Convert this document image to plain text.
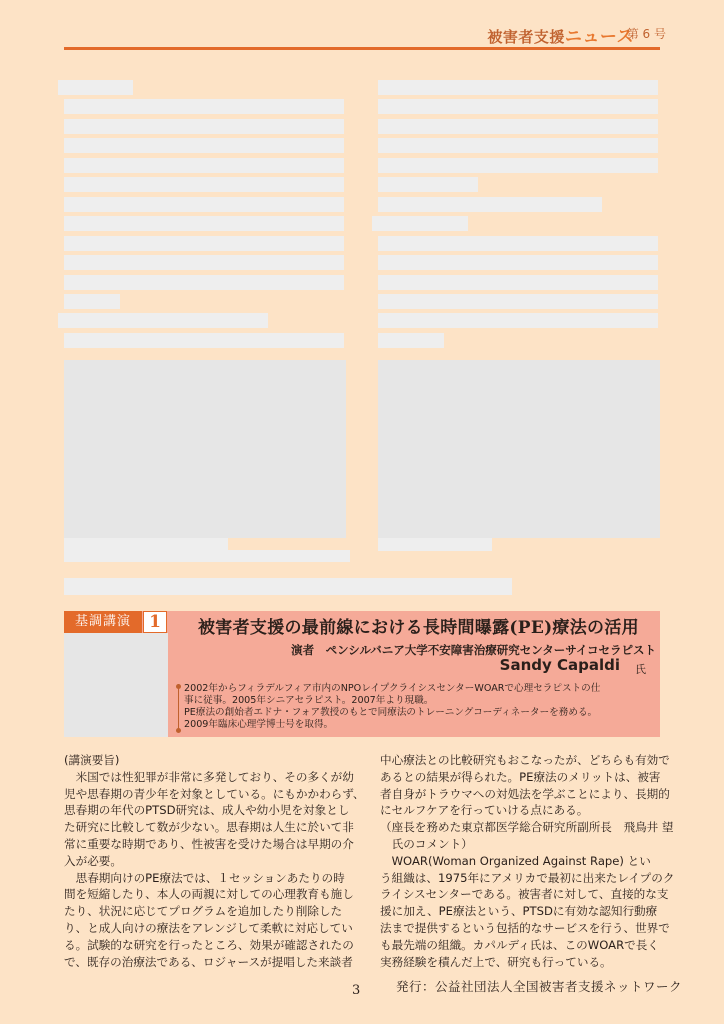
被害者支援ニュース
第 6 号
基調講演	1	被害者支援の最前線における長時間曝露(PE)療法の活用
演者　ペンシルバニア大学不安障害治療研究センターサイコセラピスト
Sandy Capaldi 氏
2002年からフィラデルフィア市内のNPOレイプクライシスセンターWOARで心理セラピストの仕
事に従事。2005年シニアセラピスト。2007年より現職。
PE療法の創始者エドナ・フォア教授のもとで同療法のトレーニングコーディネーターを務める。
2009年臨床心理学博士号を取得。
(講演要旨)
　米国では性犯罪が非常に多発しており、その多くが幼
児や思春期の青少年を対象としている。にもかかわらず、
思春期の年代のPTSD研究は、成人や幼小児を対象とし
た研究に比較して数が少ない。思春期は人生に於いて非
常に重要な時期であり、性被害を受けた場合は早期の介
入が必要。
　思春期向けのPE療法では、１セッションあたりの時
間を短縮したり、本人の両親に対しての心理教育も施し
たり、状況に応じてプログラムを追加したり削除した
り、と成人向けの療法をアレンジして柔軟に対応してい
る。試験的な研究を行ったところ、効果が確認されたの
で、既存の治療法である、ロジャースが提唱した来談者
中心療法との比較研究もおこなったが、どちらも有効で
あるとの結果が得られた。PE療法のメリットは、被害
者自身がトラウマへの対処法を学ぶことにより、長期的
にセルフケアを行っていける点にある。
（座長を務めた東京都医学総合研究所副所長　飛鳥井 望
　氏のコメント）
　WOAR(Woman Organized Against Rape) とい
う組織は、1975年にアメリカで最初に出来たレイプのク
ライシスセンターである。被害者に対して、直接的な支
援に加え、PE療法という、PTSDに有効な認知行動療
法まで提供するという包括的なサービスを行う、世界で
も最先端の組織。カパルディ氏は、このWOARで長く
実務経験を積んだ上で、研究も行っている。
3	発行：公益社団法人全国被害者支援ネットワーク
